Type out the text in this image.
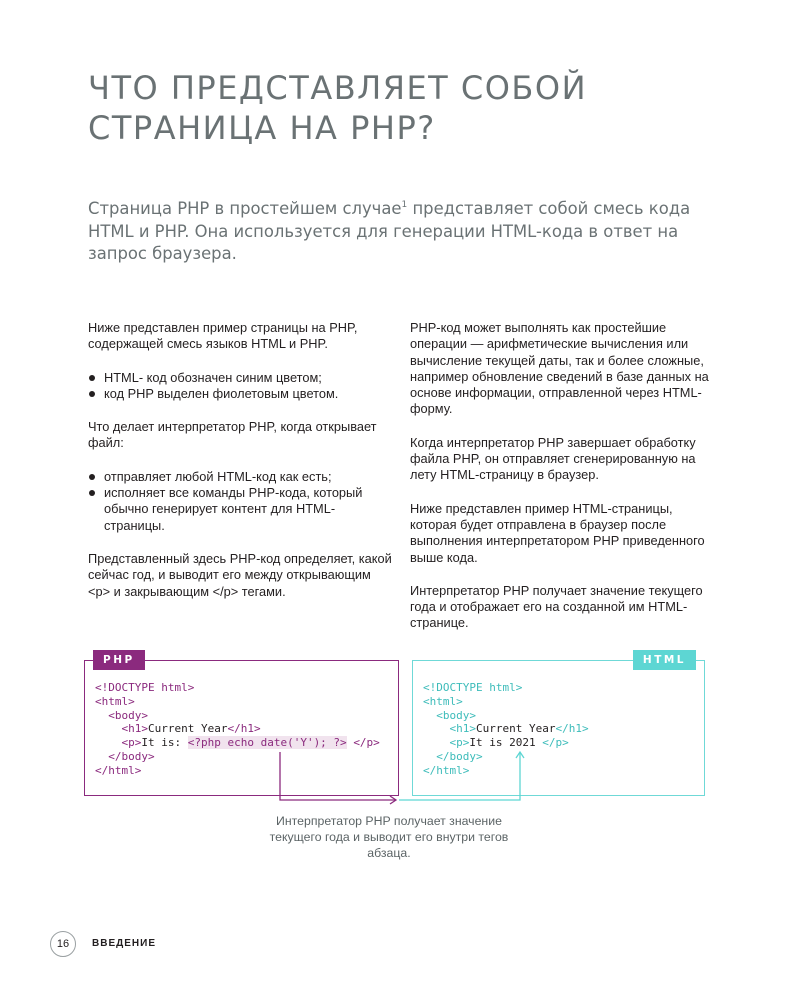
ЧТО ПРЕДСТАВЛЯЕТ СОБОЙ
СТРАНИЦА НА PHP?

Страница PHP в простейшем случае$^1$ представляет собой смесь кода HTML и PHP. Она используется для генерации HTML-кода в ответ на запрос браузера.

Ниже представлен пример страницы на PHP, содержащей смесь языков HTML и PHP.

HTML- код обозначен синим цветом;
код PHP выделен фиолетовым цветом.

Что делает интерпретатор PHP, когда открывает файл:

отправляет любой HTML-код как есть;
исполняет все команды PHP-кода, который обычно генерирует контент для HTML-страницы.

Представленный здесь PHP-код определяет, какой сейчас год, и выводит его между открывающим <p> и закрывающим </p> тегами.

PHP-код может выполнять как простейшие операции — арифметические вычисления или вычисление текущей даты, так и более сложные, например обновление сведений в базе данных на основе информации, отправленной через HTML-форму.

Когда интерпретатор PHP завершает обработку файла PHP, он отправляет сгенерированную на лету HTML-страницу в браузер.

Ниже представлен пример HTML-страницы, которая будет отправлена в браузер после выполнения интерпретатором PHP приведенного выше кода.

Интерпретатор PHP получает значение текущего года и отображает его на созданной им HTML-странице.

PHP
<!DOCTYPE html>
<html>
<body>
<h1>Current Year</h1>
<p>It is: <?php echo date('Y'); ?> </p>
</body>
</html>
HTML
<!DOCTYPE html>
<html>
<body>
<h1>Current Year</h1>
<p>It is 2021 </p>
</body>
</html>

Интерпретатор PHP получает значение текущего года и выводит его внутри тегов абзаца.

16	ВВЕДЕНИЕ
